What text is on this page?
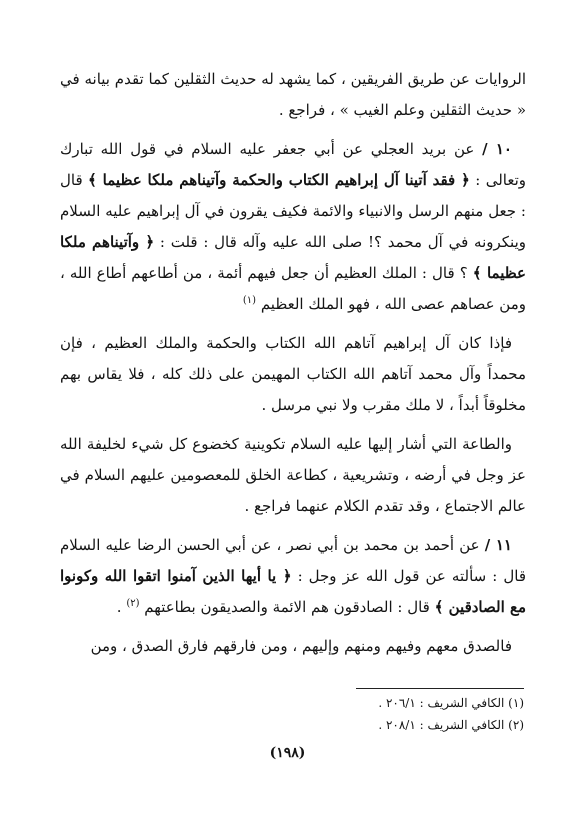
الروايات عن طريق الفريقين ، كما يشهد له حديث الثقلين كما تقدم بيانه في « حديث الثقلين وعلم الغيب » ، فراجع .

١٠ / عن بريد العجلي عن أبي جعفر عليه السلام في قول الله تبارك وتعالى : ﴿ فقد آتينا آل إبراهيم الكتاب والحكمة وآتيناهم ملكا عظيما ﴾ قال : جعل منهم الرسل والانبياء والائمة فكيف يقرون في آل إبراهيم عليه السلام وينكرونه في آل محمد ؟! صلى الله عليه وآله قال : قلت : ﴿ وآتيناهم ملكا عظيما ﴾ ؟ قال : الملك العظيم أن جعل فيهم أئمة ، من أطاعهم أطاع الله ، ومن عصاهم عصى الله ، فهو الملك العظيم $^{(١)}$

فإذا كان آل إبراهيم آتاهم الله الكتاب والحكمة والملك العظيم ، فإن محمداً وآل محمد آتاهم الله الكتاب المهيمن على ذلك كله ، فلا يقاس بهم مخلوقاً أبداً ، لا ملك مقرب ولا نبي مرسل .

والطاعة التي أشار إليها عليه السلام تكوينية كخضوع كل شيء لخليفة الله عز وجل في أرضه ، وتشريعية ، كطاعة الخلق للمعصومين عليهم السلام في عالم الاجتماع ، وقد تقدم الكلام عنهما فراجع .

١١ / عن أحمد بن محمد بن أبي نصر ، عن أبي الحسن الرضا عليه السلام قال : سألته عن قول الله عز وجل : ﴿ يا أيها الذين آمنوا اتقوا الله وكونوا مع الصادقين ﴾ قال : الصادقون هم الائمة والصديقون بطاعتهم $^{(٢)}$ .

فالصدق معهم وفيهم ومنهم وإليهم ، ومن فارقهم فارق الصدق ، ومن

(١) الكافي الشريف : ٢٠٦/١ .
(٢) الكافي الشريف : ٢٠٨/١ .
(١٩٨)
